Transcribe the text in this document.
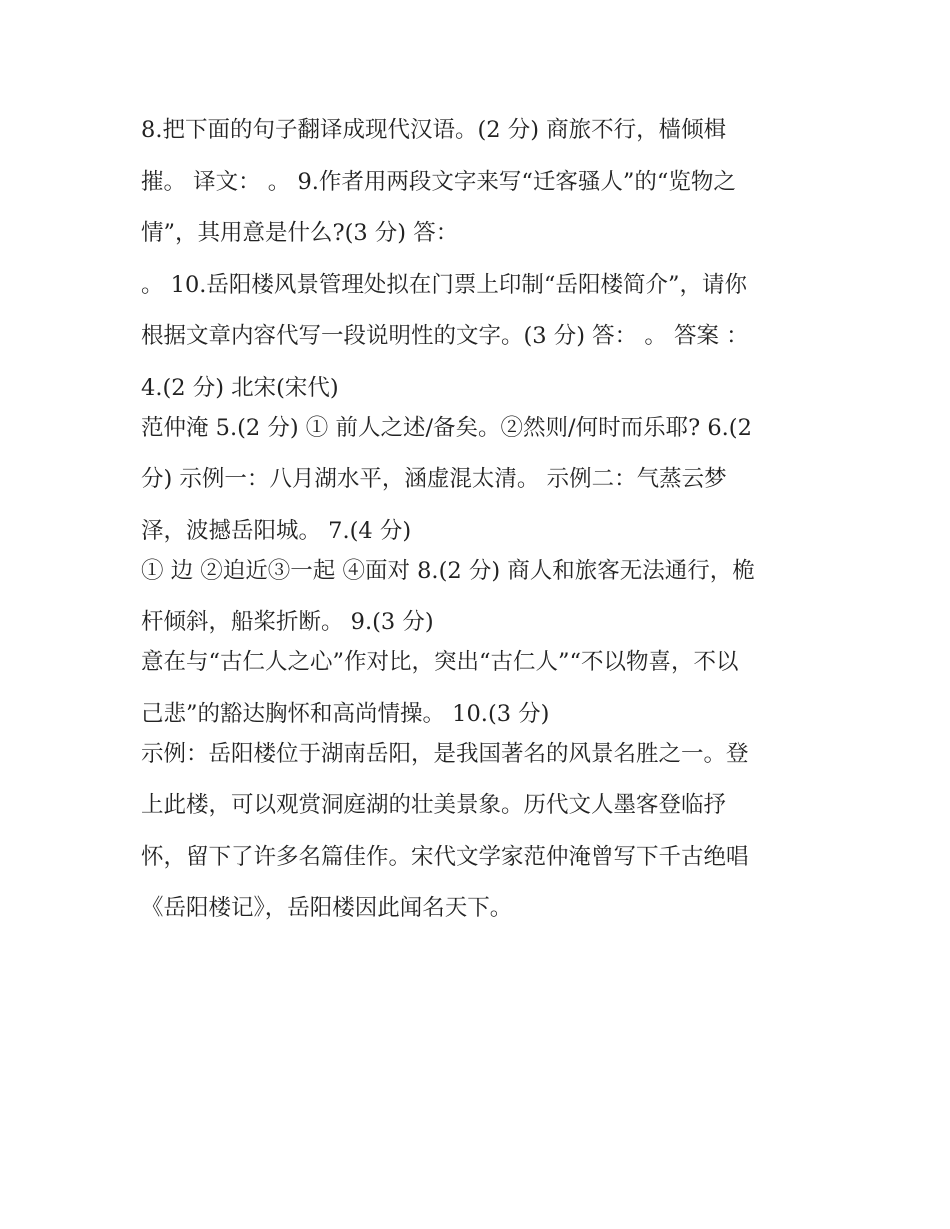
8.把下面的句子翻译成现代汉语。(2 分) 商旅不行，樯倾楫
摧。 译文： 。 9.作者用两段文字来写“迁客骚人”的“览物之
情”，其用意是什么?(3 分) 答：
。 10.岳阳楼风景管理处拟在门票上印制“岳阳楼简介”，请你
根据文章内容代写一段说明性的文字。(3 分) 答： 。 答案 ：
4.(2 分) 北宋(宋代)
范仲淹 5.(2 分) ① 前人之述/备矣。②然则/何时而乐耶? 6.(2
分) 示例一：八月湖水平，涵虚混太清。 示例二：气蒸云梦
泽，波撼岳阳城。 7.(4 分)
① 边 ②迫近③一起 ④面对 8.(2 分) 商人和旅客无法通行，桅
杆倾斜，船桨折断。 9.(3 分)
意在与“古仁人之心”作对比，突出“古仁人”“不以物喜，不以
己悲”的豁达胸怀和高尚情操。 10.(3 分)
示例：岳阳楼位于湖南岳阳，是我国著名的风景名胜之一。登
上此楼，可以观赏洞庭湖的壮美景象。历代文人墨客登临抒
怀，留下了许多名篇佳作。宋代文学家范仲淹曾写下千古绝唱
《岳阳楼记》，岳阳楼因此闻名天下。
